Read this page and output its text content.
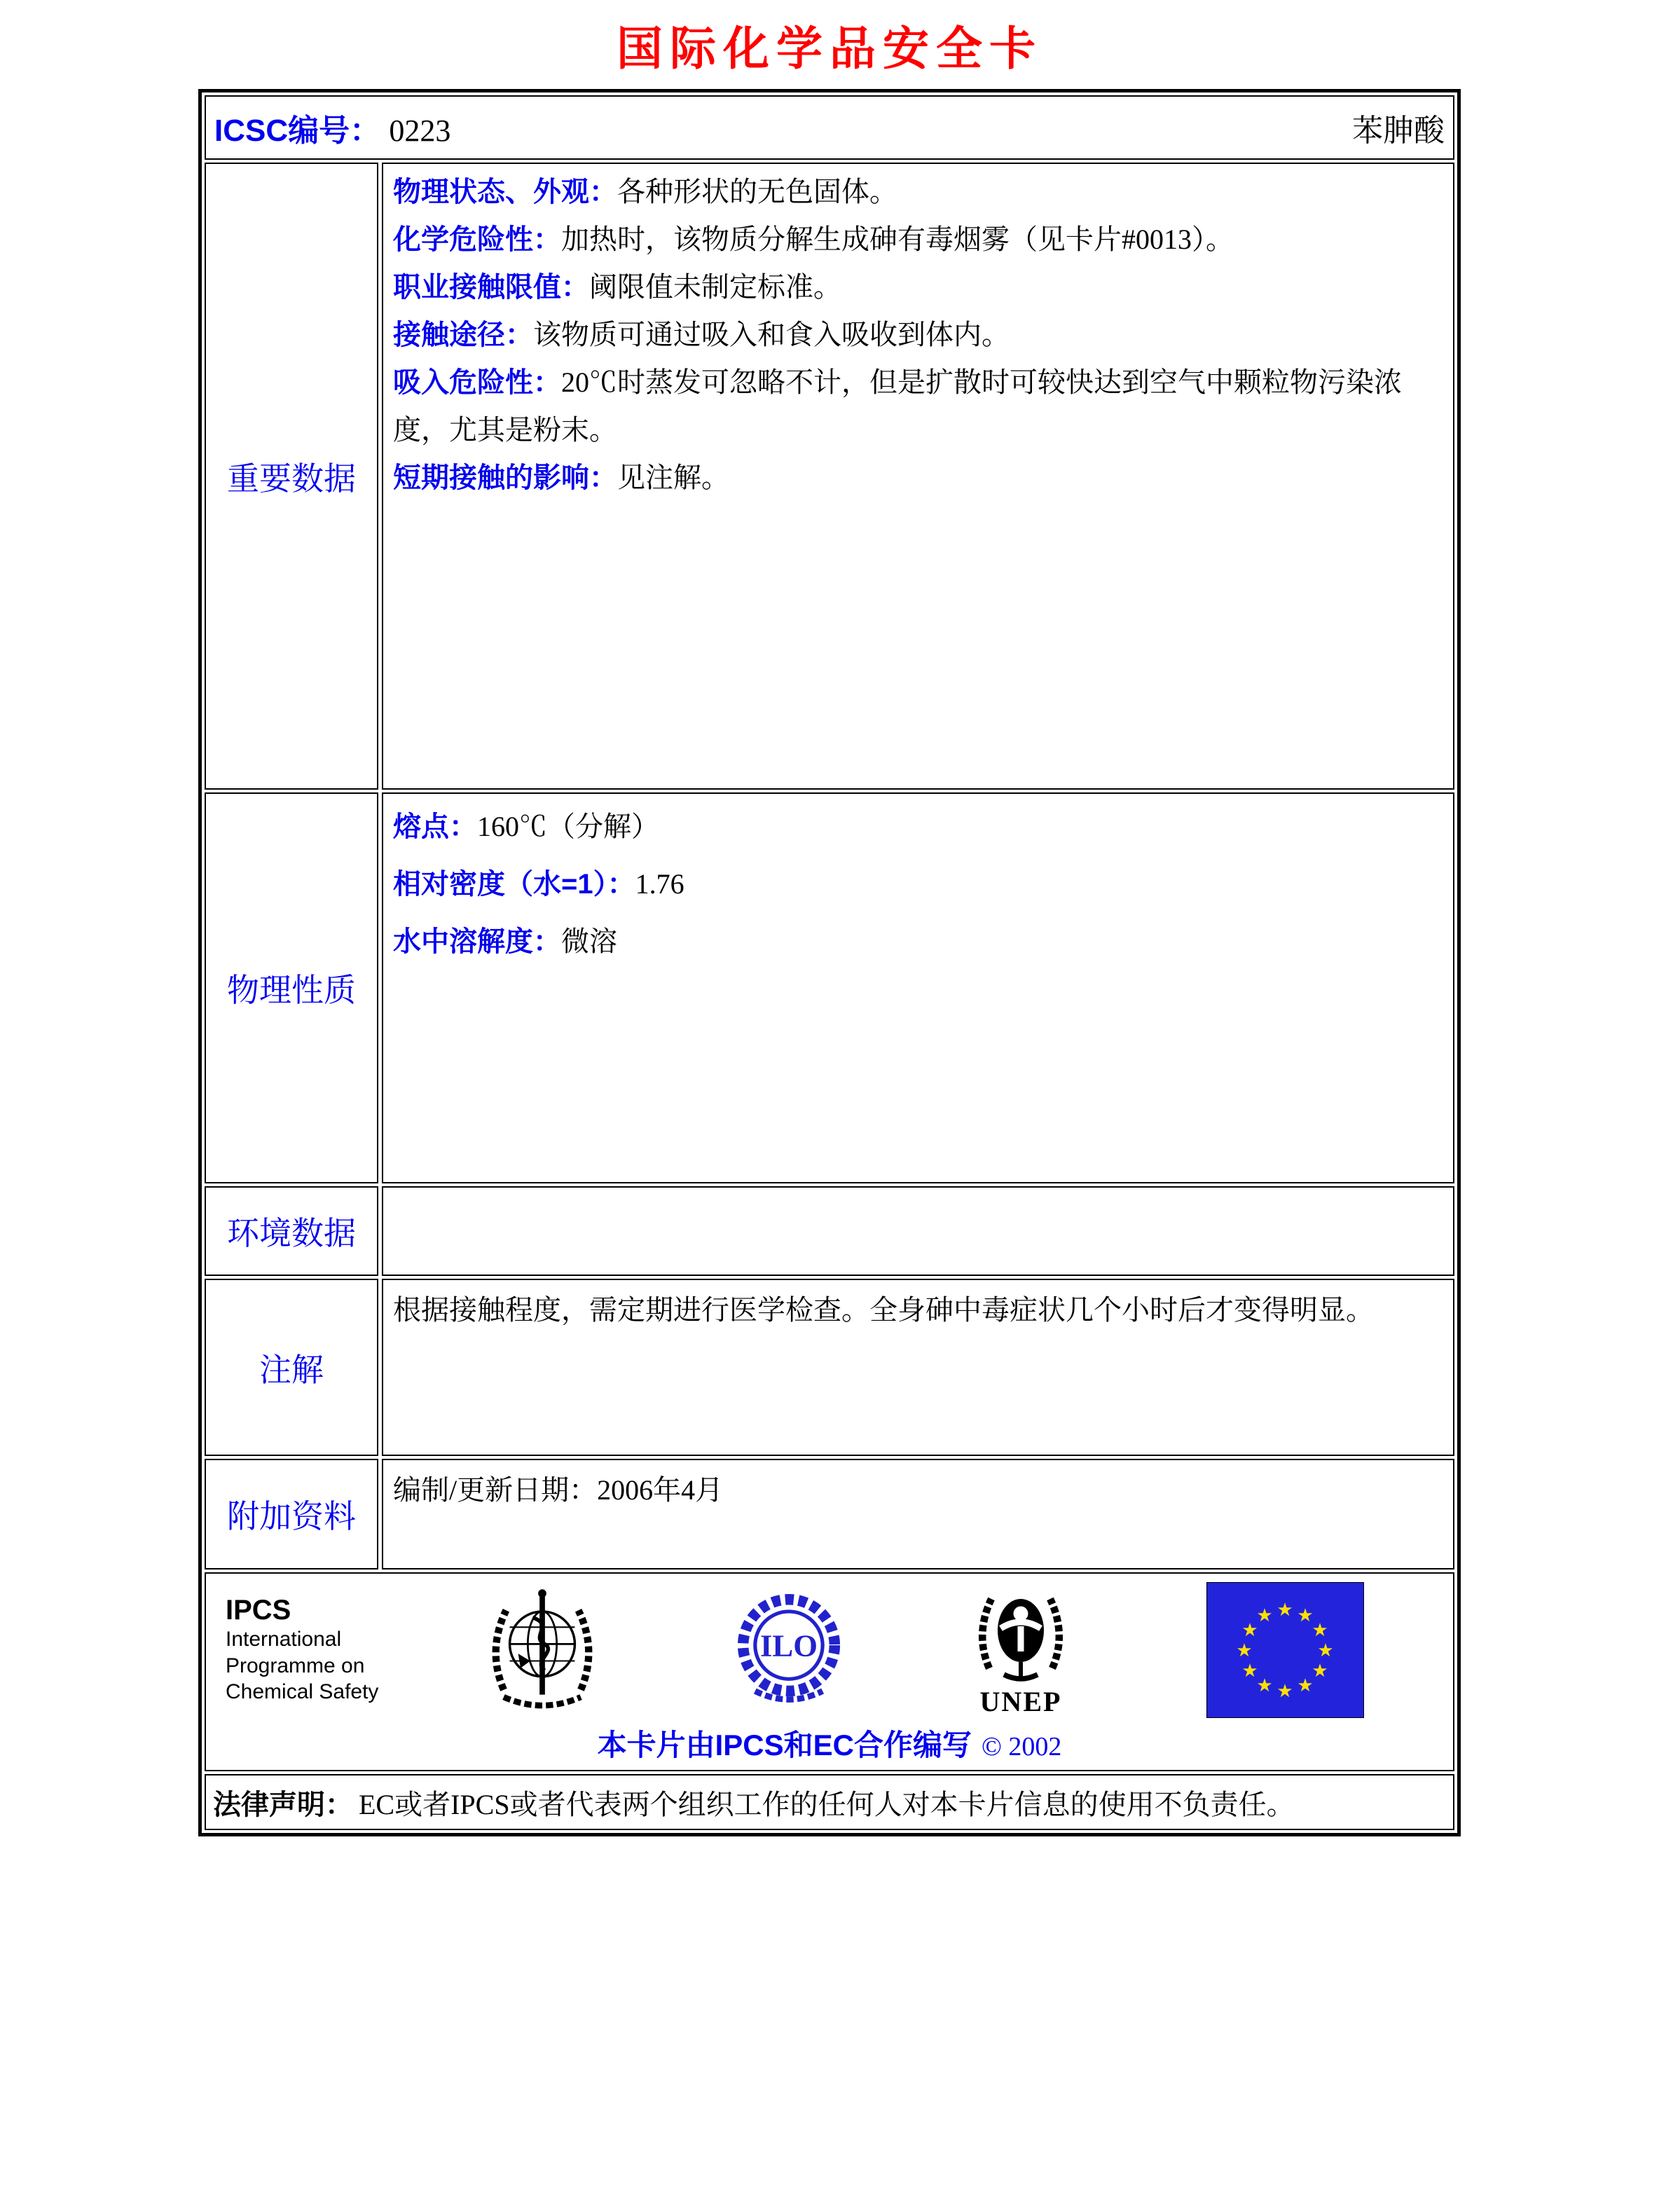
国际化学品安全卡
ICSC编号： 0223	苯胂酸
重要数据

物理状态、外观：各种形状的无色固体。

化学危险性：加热时，该物质分解生成砷有毒烟雾（见卡片#0013）。

职业接触限值：阈限值未制定标准。

接触途径：该物质可通过吸入和食入吸收到体内。

吸入危险性：20℃时蒸发可忽略不计，但是扩散时可较快达到空气中颗粒物污染浓度，尤其是粉末。

短期接触的影响：见注解。

物理性质

熔点：160℃（分解）

相对密度（水=1）：1.76

水中溶解度：微溶

环境数据

注解

根据接触程度，需定期进行医学检查。全身砷中毒症状几个小时后才变得明显。

附加资料

编制/更新日期：2006年4月

IPCS
International
Programme on
Chemical Safety
ILO
UNEP
★ ★
★
★
★
★
★
★
★
★
★
★
本卡片由IPCS和EC合作编写 © 2002
法律声明： EC或者IPCS或者代表两个组织工作的任何人对本卡片信息的使用不负责任。
